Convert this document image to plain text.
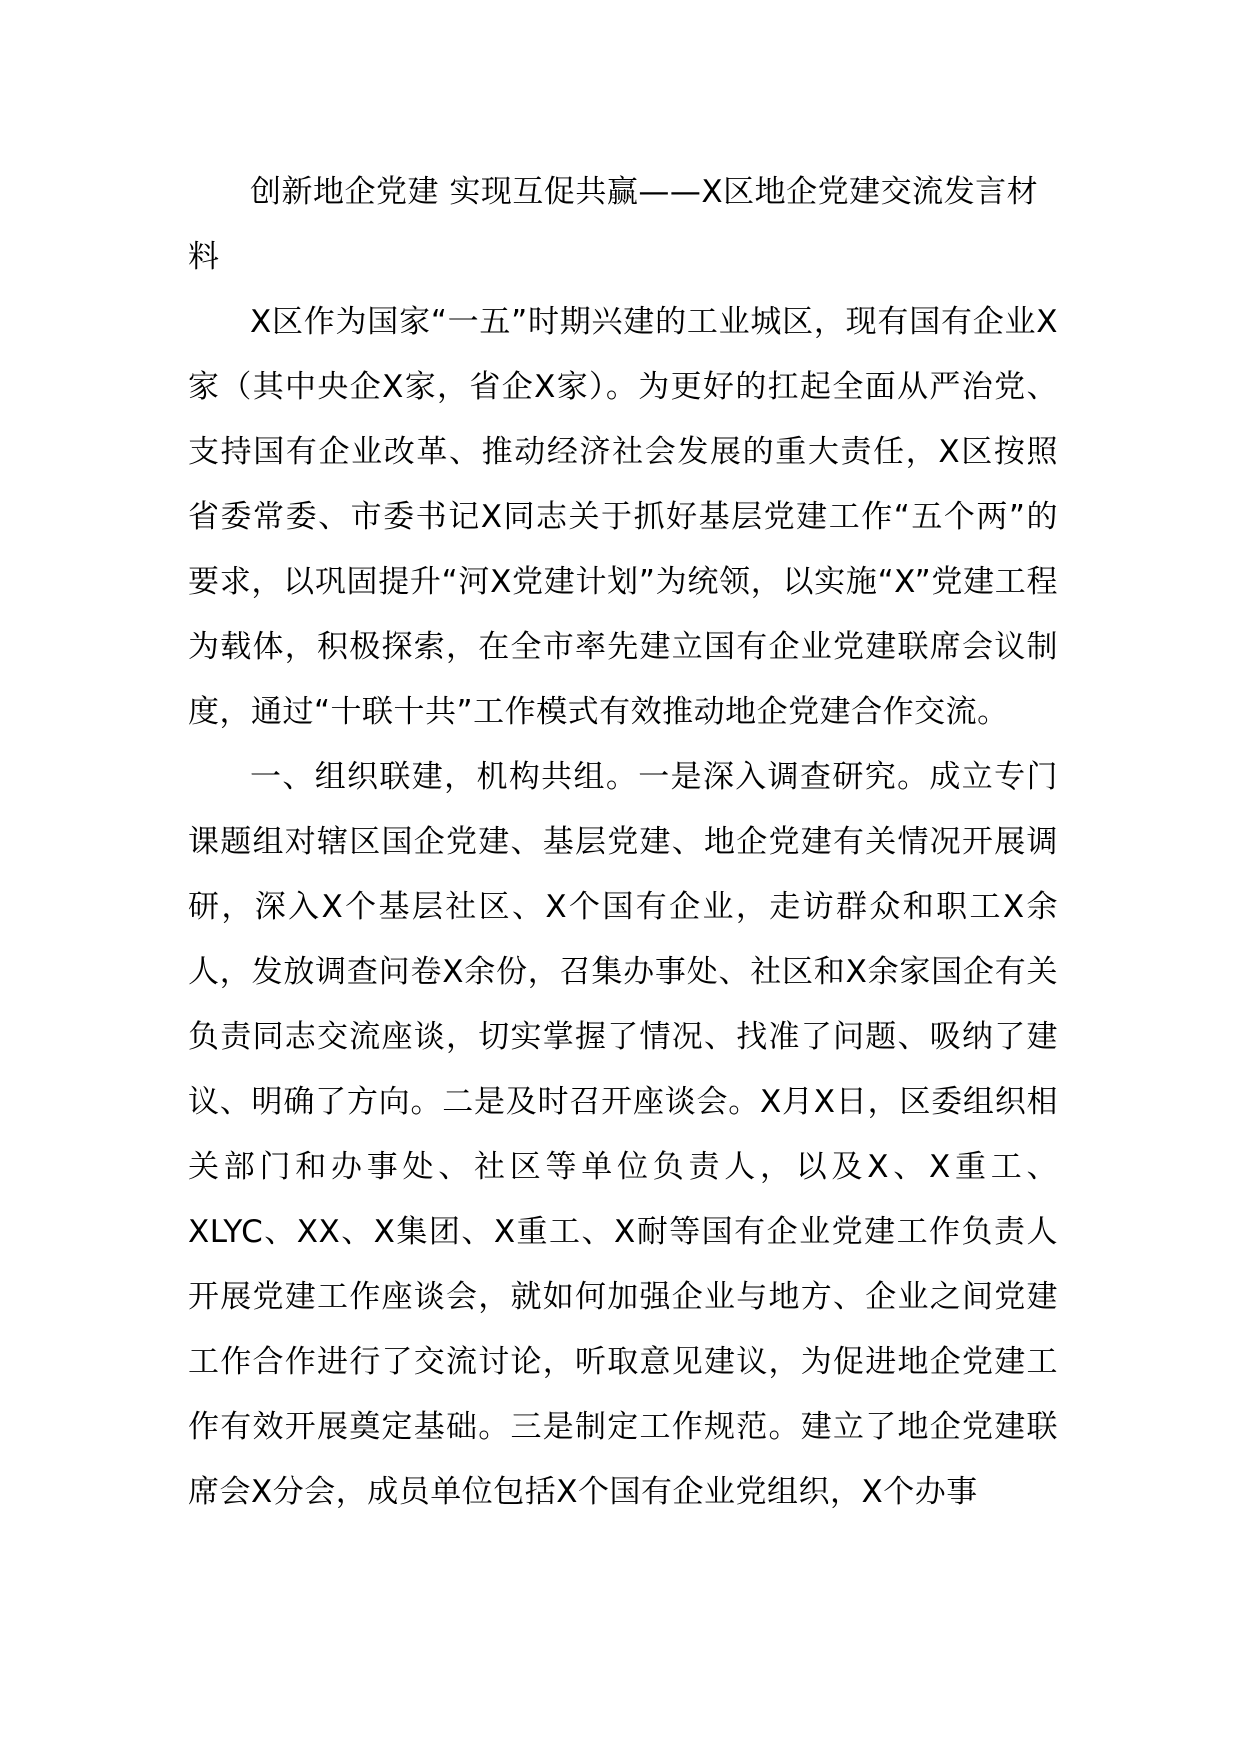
创新地企党建 实现互促共赢——X区地企党建交流发言材料

X区作为国家“一五”时期兴建的工业城区，现有国有企业X家（其中央企X家，省企X家）。为更好的扛起全面从严治党、支持国有企业改革、推动经济社会发展的重大责任，X区按照省委常委、市委书记X同志关于抓好基层党建工作“五个两”的要求，以巩固提升“河X党建计划”为统领，以实施“X”党建工程为载体，积极探索，在全市率先建立国有企业党建联席会议制度，通过“十联十共”工作模式有效推动地企党建合作交流。

一、组织联建，机构共组。一是深入调查研究。成立专门课题组对辖区国企党建、基层党建、地企党建有关情况开展调研，深入X个基层社区、X个国有企业，走访群众和职工X余人，发放调查问卷X余份，召集办事处、社区和X余家国企有关负责同志交流座谈，切实掌握了情况、找准了问题、吸纳了建议、明确了方向。二是及时召开座谈会。X月X日，区委组织相关部门和办事处、社区等单位负责人，以及X、X重工、XLYC、XX、X集团、X重工、X耐等国有企业党建工作负责人开展党建工作座谈会，就如何加强企业与地方、企业之间党建工作合作进行了交流讨论，听取意见建议，为促进地企党建工作有效开展奠定基础。三是制定工作规范。建立了地企党建联席会X分会，成员单位包括X个国有企业党组织，X个办事
